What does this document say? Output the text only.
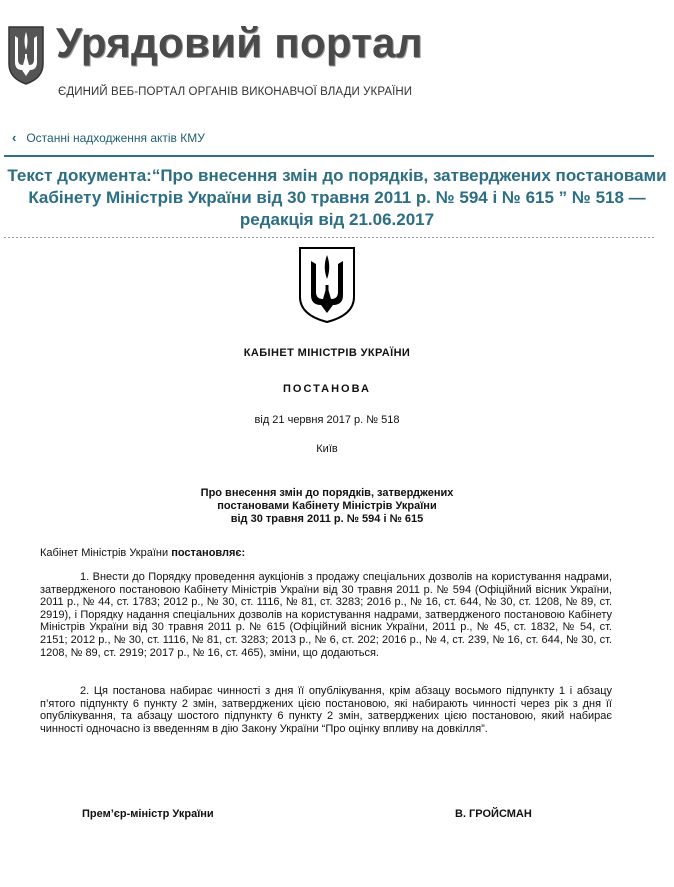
Урядовий портал
ЄДИНИЙ ВЕБ-ПОРТАЛ ОРГАНІВ ВИКОНАВЧОЇ ВЛАДИ УКРАЇНИ
‹ Останні надходження актів КМУ
Текст документа:“Про внесення змін до порядків, затверджених постановами Кабінету Міністрів України від 30 травня 2011 р. № 594 і № 615 ” № 518 — редакція від 21.06.2017
КАБІНЕТ МІНІСТРІВ УКРАЇНИ
ПОСТАНОВА
від 21 червня 2017 р. № 518
Київ
Про внесення змін до порядків, затверджених
постановами Кабінету Міністрів України
від 30 травня 2011 р. № 594 і № 615
Кабінет Міністрів України постановляє:
1. Внести до Порядку проведення аукціонів з продажу спеціальних дозволів на користування надрами, затвердженого постановою Кабінету Міністрів України від 30 травня 2011 р. № 594 (Офіційний вісник України, 2011 р., № 44, ст. 1783; 2012 р., № 30, ст. 1116, № 81, ст. 3283; 2016 р., № 16, ст. 644, № 30, ст. 1208, № 89, ст. 2919), і Порядку надання спеціальних дозволів на користування надрами, затвердженого постановою Кабінету Міністрів України від 30 травня 2011 р. № 615 (Офіційний вісник України, 2011 р., № 45, ст. 1832, № 54, ст. 2151; 2012 р., № 30, ст. 1116, № 81, ст. 3283; 2013 р., № 6, ст. 202; 2016 р., № 4, ст. 239, № 16, ст. 644, № 30, ст. 1208, № 89, ст. 2919; 2017 р., № 16, ст. 465), зміни, що додаються.
2. Ця постанова набирає чинності з дня її опублікування, крім абзацу восьмого підпункту 1 і абзацу п’ятого підпункту 6 пункту 2 змін, затверджених цією постановою, які набирають чинності через рік з дня її опублікування, та абзацу шостого підпункту 6 пункту 2 змін, затверджених цією постановою, який набирає чинності одночасно із введенням в дію Закону України “Про оцінку впливу на довкілля”.
Прем’єр-міністр України	В. ГРОЙСМАН
